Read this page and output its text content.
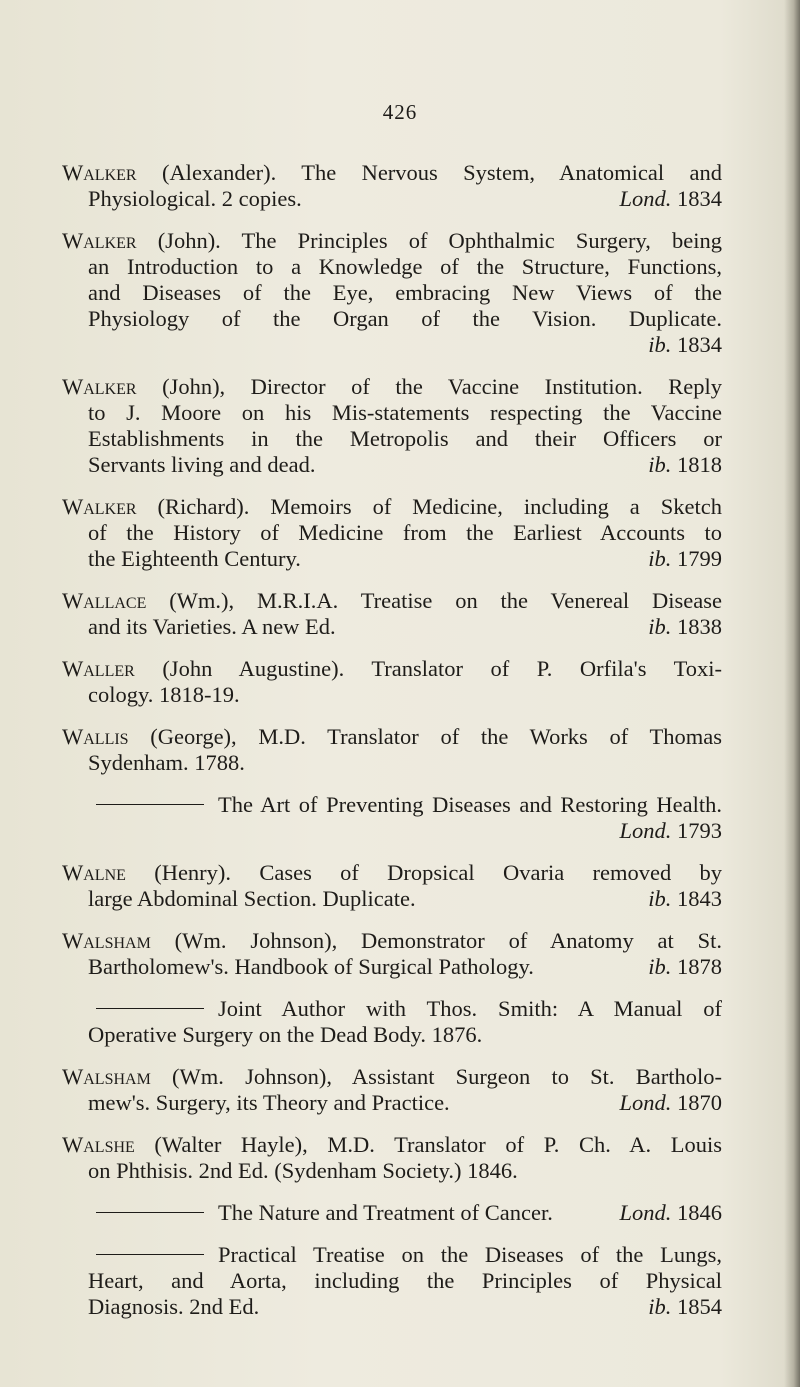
426
Walker (Alexander). The Nervous System, Anatomical and
Physiological. 2 copies.	Lond. 1834
Walker (John). The Principles of Ophthalmic Surgery, being
an Introduction to a Knowledge of the Structure, Functions,
and Diseases of the Eye, embracing New Views of the
Physiology of the Organ of the Vision. Duplicate.
ib. 1834
Walker (John), Director of the Vaccine Institution. Reply
to J. Moore on his Mis-statements respecting the Vaccine
Establishments in the Metropolis and their Officers or
Servants living and dead.	ib. 1818
Walker (Richard). Memoirs of Medicine, including a Sketch
of the History of Medicine from the Earliest Accounts to
the Eighteenth Century.	ib. 1799
Wallace (Wm.), M.R.I.A. Treatise on the Venereal Disease
and its Varieties. A new Ed.	ib. 1838
Waller (John Augustine). Translator of P. Orfila's Toxi-
cology. 1818-19.
Wallis (George), M.D. Translator of the Works of Thomas
Sydenham. 1788.
The Art of Preventing Diseases and Restoring Health.
Lond. 1793
Walne (Henry). Cases of Dropsical Ovaria removed by
large Abdominal Section. Duplicate.	ib. 1843
Walsham (Wm. Johnson), Demonstrator of Anatomy at St.
Bartholomew's. Handbook of Surgical Pathology.	ib. 1878
Joint Author with Thos. Smith: A Manual of
Operative Surgery on the Dead Body. 1876.
Walsham (Wm. Johnson), Assistant Surgeon to St. Bartholo-
mew's. Surgery, its Theory and Practice.	Lond. 1870
Walshe (Walter Hayle), M.D. Translator of P. Ch. A. Louis
on Phthisis. 2nd Ed. (Sydenham Society.) 1846.
The Nature and Treatment of Cancer.	Lond. 1846
Practical Treatise on the Diseases of the Lungs,
Heart, and Aorta, including the Principles of Physical
Diagnosis. 2nd Ed.	ib. 1854
